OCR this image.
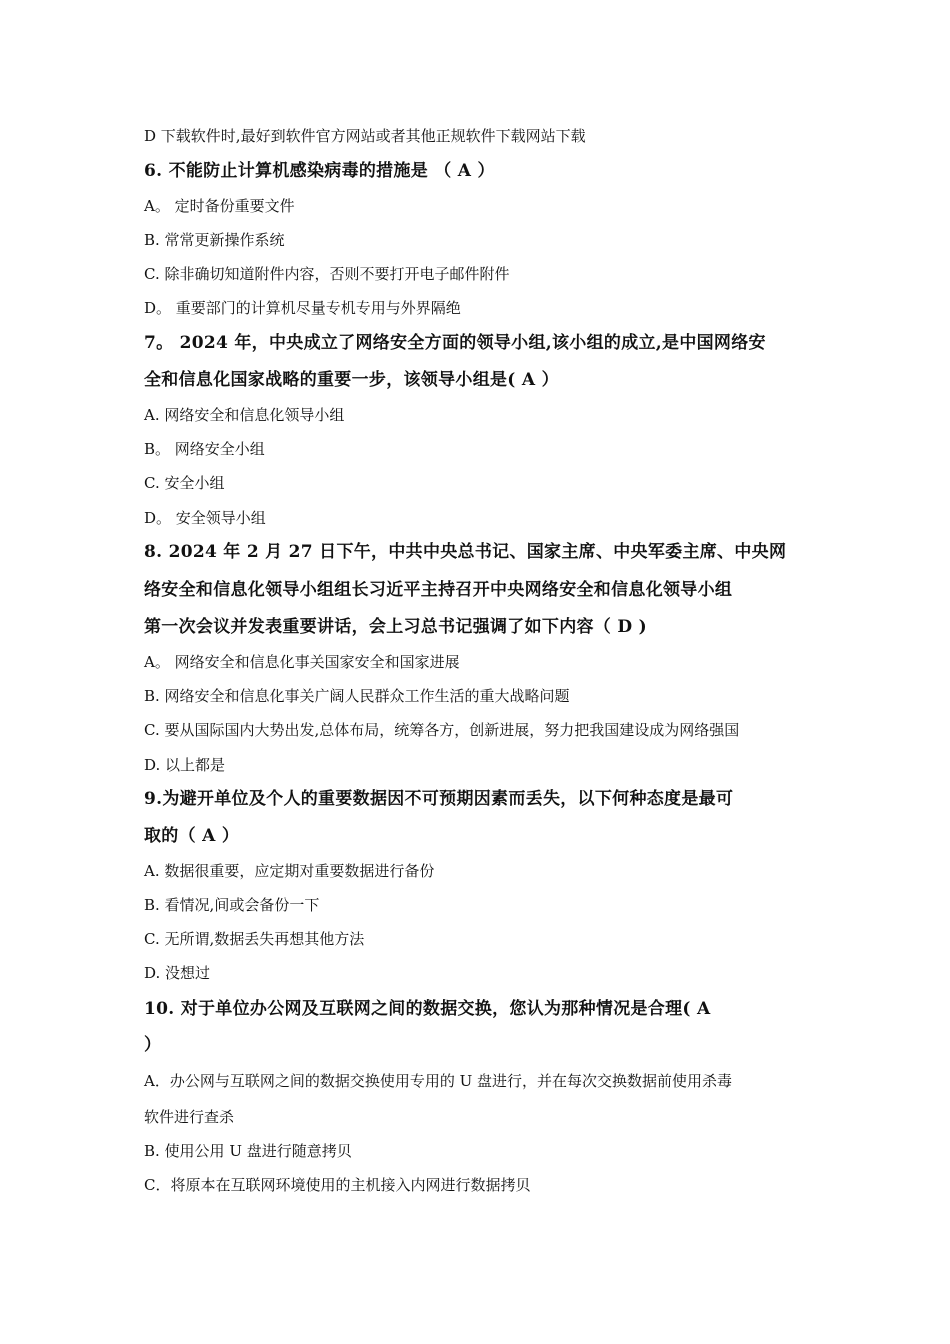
D 下载软件时,最好到软件官方网站或者其他正规软件下载网站下载
6. 不能防止计算机感染病毒的措施是 （ A ）
A。 定时备份重要文件
B. 常常更新操作系统
C. 除非确切知道附件内容，否则不要打开电子邮件附件
D。 重要部门的计算机尽量专机专用与外界隔绝
7。 2024 年，中央成立了网络安全方面的领导小组,该小组的成立,是中国网络安
全和信息化国家战略的重要一步，该领导小组是( A ）
A. 网络安全和信息化领导小组
B。 网络安全小组
C. 安全小组
D。 安全领导小组
8. 2024 年 2 月 27 日下午，中共中央总书记、国家主席、中央军委主席、中央网
络安全和信息化领导小组组长习近平主持召开中央网络安全和信息化领导小组
第一次会议并发表重要讲话，会上习总书记强调了如下内容（ D )
A。 网络安全和信息化事关国家安全和国家进展
B. 网络安全和信息化事关广阔人民群众工作生活的重大战略问题
C. 要从国际国内大势出发,总体布局，统筹各方，创新进展，努力把我国建设成为网络强国
D. 以上都是
9.为避开单位及个人的重要数据因不可预期因素而丢失，以下何种态度是最可
取的（ A ）
A. 数据很重要，应定期对重要数据进行备份
B. 看情况,间或会备份一下
C. 无所谓,数据丢失再想其他方法
D. 没想过
10. 对于单位办公网及互联网之间的数据交换，您认为那种情况是合理( A
）
A．办公网与互联网之间的数据交换使用专用的 U 盘进行，并在每次交换数据前使用杀毒
软件进行查杀
B. 使用公用 U 盘进行随意拷贝
C．将原本在互联网环境使用的主机接入内网进行数据拷贝
